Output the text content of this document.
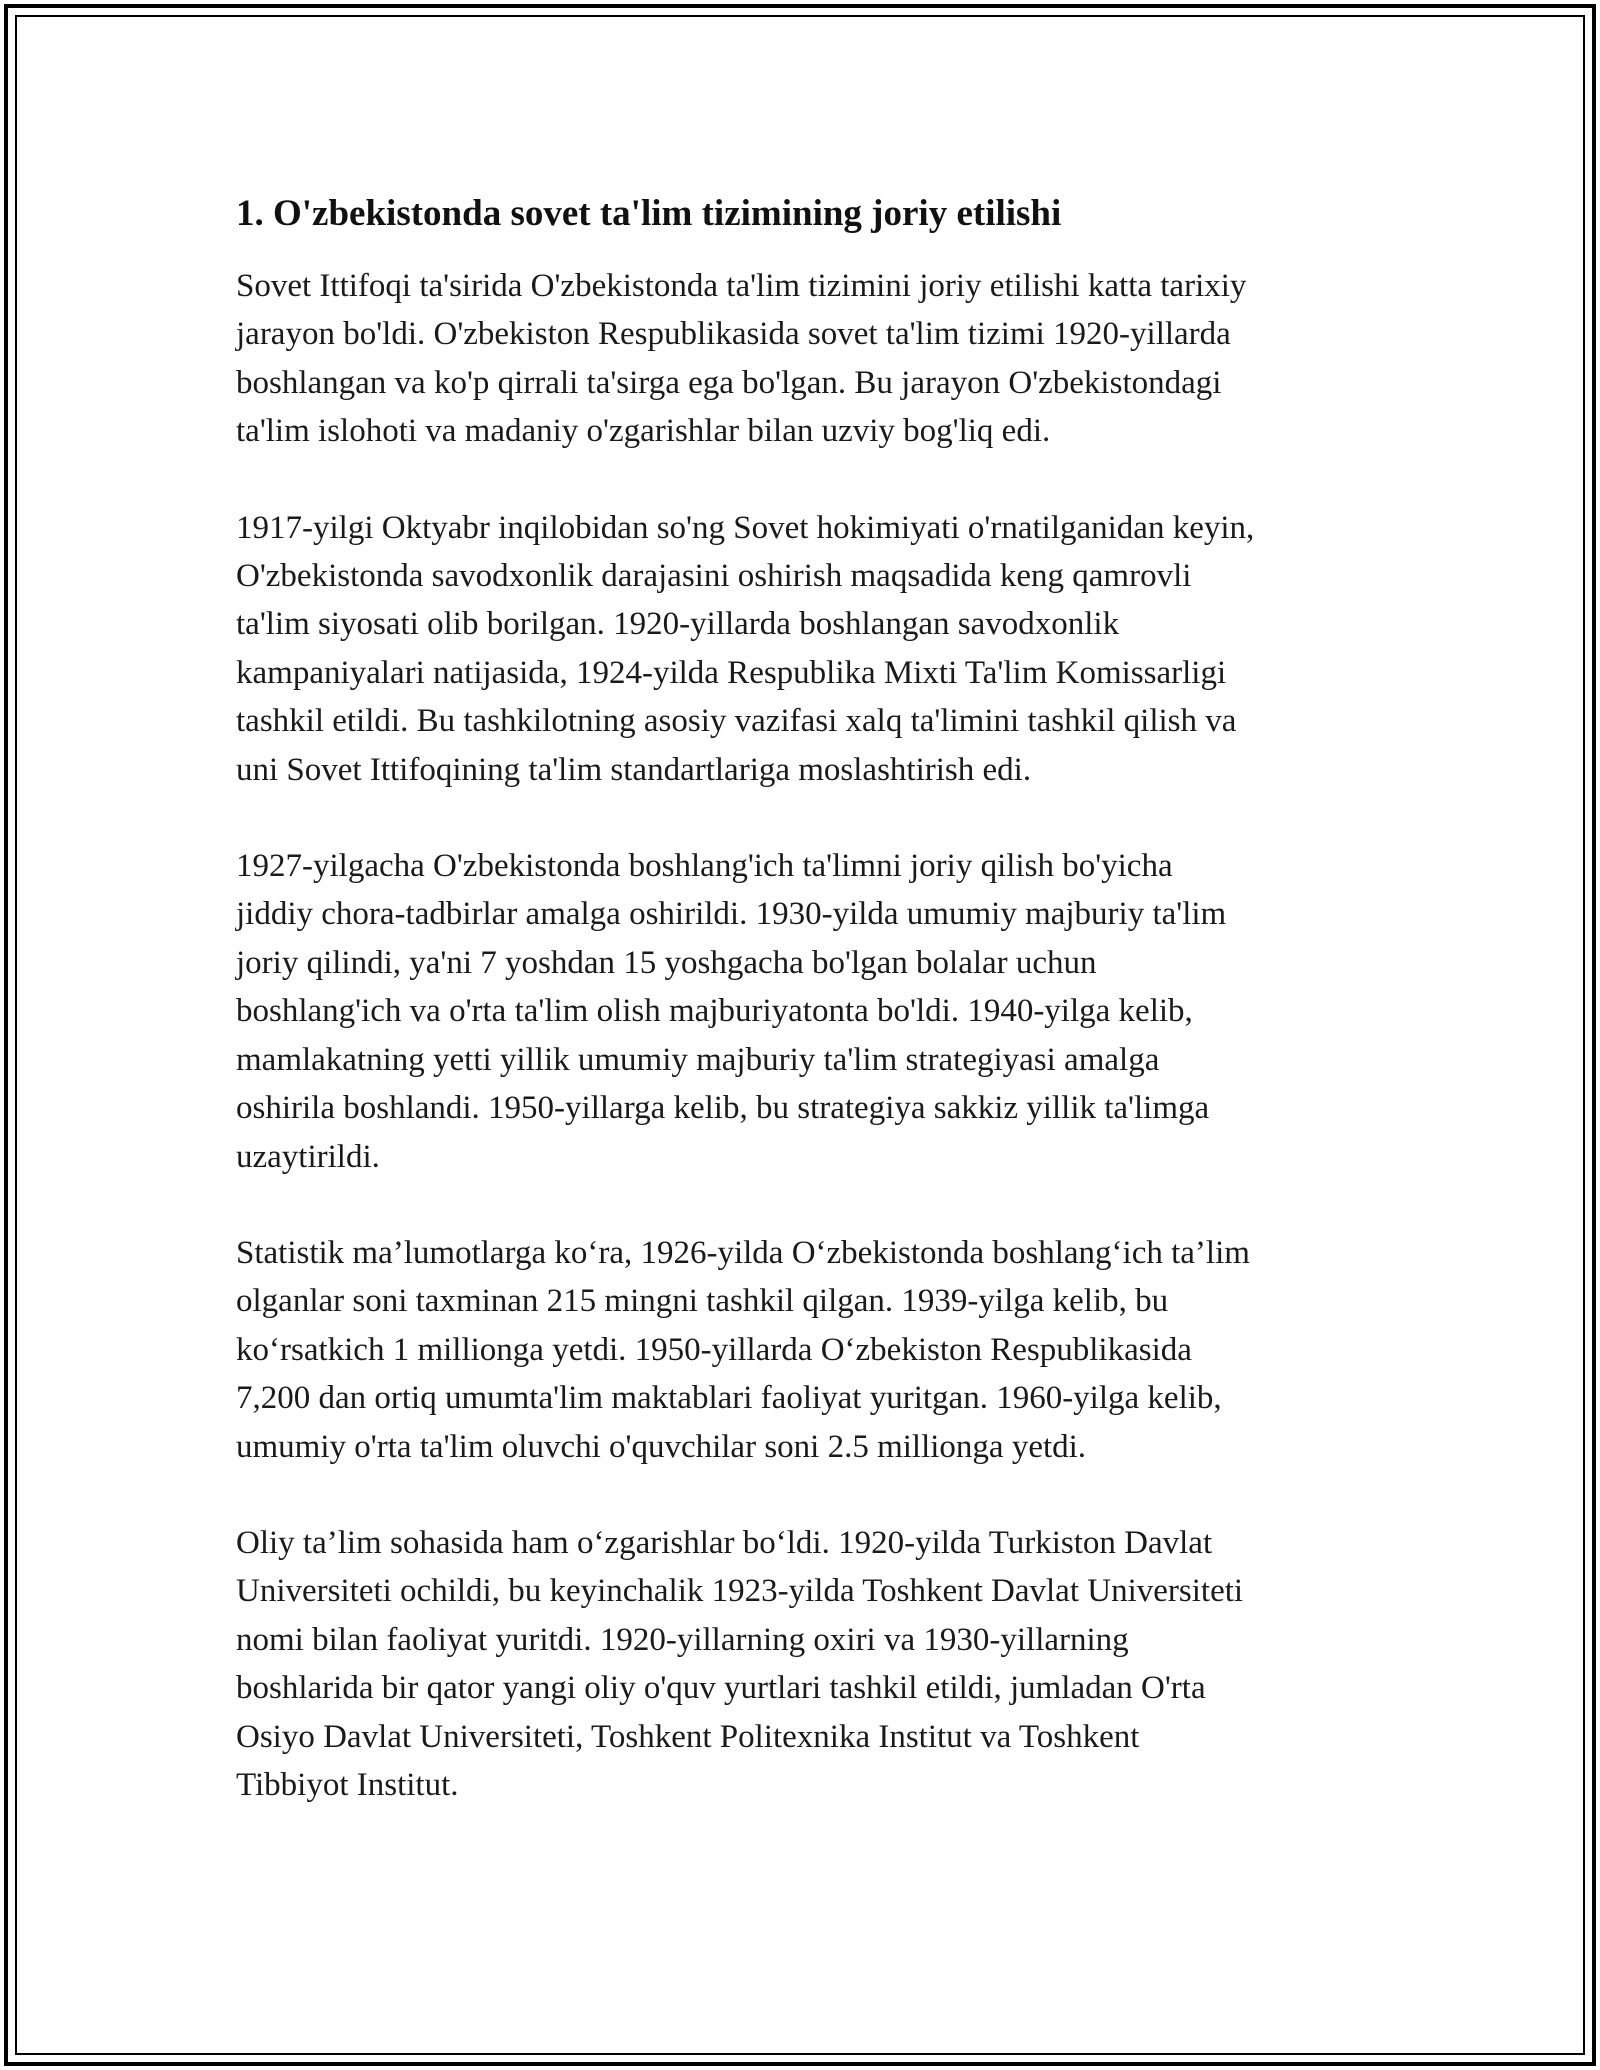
1. O'zbekistonda sovet ta'lim tizimining joriy etilishi

Sovet Ittifoqi ta'sirida O'zbekistonda ta'lim tizimini joriy etilishi katta tarixiy
jarayon bo'ldi. O'zbekiston Respublikasida sovet ta'lim tizimi 1920-yillarda
boshlangan va ko'p qirrali ta'sirga ega bo'lgan. Bu jarayon O'zbekistondagi
ta'lim islohoti va madaniy o'zgarishlar bilan uzviy bog'liq edi.

1917-yilgi Oktyabr inqilobidan so'ng Sovet hokimiyati o'rnatilganidan keyin,
O'zbekistonda savodxonlik darajasini oshirish maqsadida keng qamrovli
ta'lim siyosati olib borilgan. 1920-yillarda boshlangan savodxonlik
kampaniyalari natijasida, 1924-yilda Respublika Mixti Ta'lim Komissarligi
tashkil etildi. Bu tashkilotning asosiy vazifasi xalq ta'limini tashkil qilish va
uni Sovet Ittifoqining ta'lim standartlariga moslashtirish edi.

1927-yilgacha O'zbekistonda boshlang'ich ta'limni joriy qilish bo'yicha
jiddiy chora-tadbirlar amalga oshirildi. 1930-yilda umumiy majburiy ta'lim
joriy qilindi, ya'ni 7 yoshdan 15 yoshgacha bo'lgan bolalar uchun
boshlang'ich va o'rta ta'lim olish majburiyatonta bo'ldi. 1940-yilga kelib,
mamlakatning yetti yillik umumiy majburiy ta'lim strategiyasi amalga
oshirila boshlandi. 1950-yillarga kelib, bu strategiya sakkiz yillik ta'limga
uzaytirildi.

Statistik ma’lumotlarga ko‘ra, 1926-yilda O‘zbekistonda boshlang‘ich ta’lim
olganlar soni taxminan 215 mingni tashkil qilgan. 1939-yilga kelib, bu
ko‘rsatkich 1 millionga yetdi. 1950-yillarda O‘zbekiston Respublikasida
7,200 dan ortiq umumta'lim maktablari faoliyat yuritgan. 1960-yilga kelib,
umumiy o'rta ta'lim oluvchi o'quvchilar soni 2.5 millionga yetdi.

Oliy ta’lim sohasida ham o‘zgarishlar bo‘ldi. 1920-yilda Turkiston Davlat
Universiteti ochildi, bu keyinchalik 1923-yilda Toshkent Davlat Universiteti
nomi bilan faoliyat yuritdi. 1920-yillarning oxiri va 1930-yillarning
boshlarida bir qator yangi oliy o'quv yurtlari tashkil etildi, jumladan O'rta
Osiyo Davlat Universiteti, Toshkent Politexnika Institut va Toshkent
Tibbiyot Institut.
